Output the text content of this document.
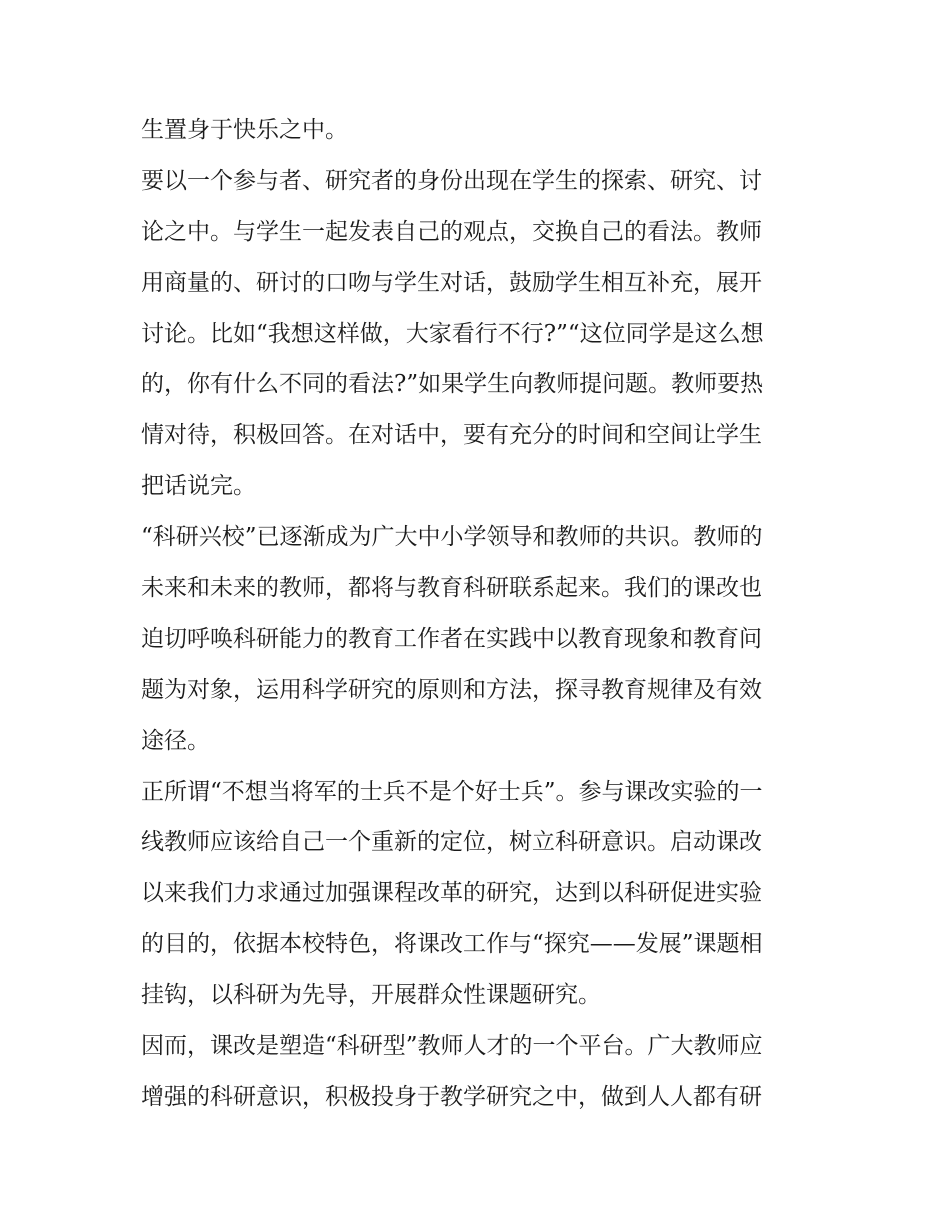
生置身于快乐之中。
要以一个参与者、研究者的身份出现在学生的探索、研究、讨
论之中。与学生一起发表自己的观点，交换自己的看法。教师
用商量的、研讨的口吻与学生对话，鼓励学生相互补充，展开
讨论。比如“我想这样做，大家看行不行?”“这位同学是这么想
的，你有什么不同的看法?”如果学生向教师提问题。教师要热
情对待，积极回答。在对话中，要有充分的时间和空间让学生
把话说完。
“科研兴校”已逐渐成为广大中小学领导和教师的共识。教师的
未来和未来的教师，都将与教育科研联系起来。我们的课改也
迫切呼唤科研能力的教育工作者在实践中以教育现象和教育问
题为对象，运用科学研究的原则和方法，探寻教育规律及有效
途径。
正所谓“不想当将军的士兵不是个好士兵”。参与课改实验的一
线教师应该给自己一个重新的定位，树立科研意识。启动课改
以来我们力求通过加强课程改革的研究，达到以科研促进实验
的目的，依据本校特色，将课改工作与“探究——发展”课题相
挂钩，以科研为先导，开展群众性课题研究。
因而，课改是塑造“科研型”教师人才的一个平台。广大教师应
增强的科研意识，积极投身于教学研究之中，做到人人都有研
